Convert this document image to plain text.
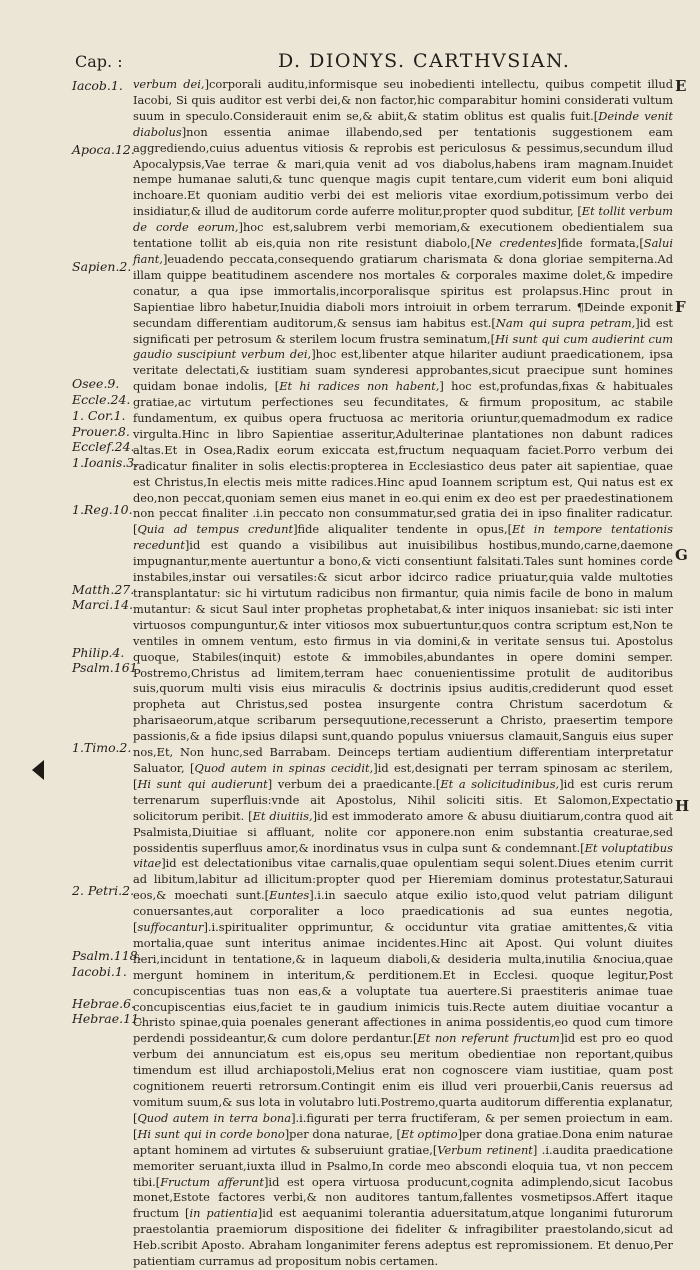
Cap. :	D. DIONYS. CARTHVSIAN.
E
F
G
H
Iacob.1.
Apoca.12.
Sapien.2.
Osee.9.
Eccle.24.
1. Cor.1.
Prouer.8.
Ecclef.24.
1.Ioanis.3.
1.Reg.10.
Matth.27.
Marci.14.
Philip.4.
Psalm.161.
1.Timo.2.
2. Petri.2.
Psalm.118.
Iacobi.1.
Hebrae.6.
Hebrae.11.

verbum dei,]corporali auditu,informisque seu inobedienti intellectu, quibus competit illud Iacobi, Si quis auditor est verbi dei,& non factor,hic comparabitur homini considerati vultum suum in speculo.Considerauit enim se,& abiit,& statim oblitus est qualis fuit.[Deinde venit diabolus]non essentia animae illabendo,sed per tentationis suggestionem eam aggrediendo,cuius aduentus vitiosis & reprobis est periculosus & pessimus,secundum illud Apocalypsis,Vae terrae & mari,quia venit ad vos diabolus,habens iram magnam.Inuidet nempe humanae saluti,& tunc quenque magis cupit tentare,cum viderit eum boni aliquid inchoare.Et quoniam auditio verbi dei est melioris vitae exordium,potissimum verbo dei insidiatur,& illud de auditorum corde auferre molitur,propter quod subditur, [Et tollit verbum de corde eorum,]hoc est,salubrem verbi memoriam,& executionem obedientialem sua tentatione tollit ab eis,quia non rite resistunt diabolo,[Ne credentes]fide formata,[Salui fiant,]euadendo peccata,consequendo gratiarum charismata & dona gloriae sempiterna.Ad illam quippe beatitudinem ascendere nos mortales & corporales maxime dolet,& impedire conatur, a qua ipse immortalis,incorporalisque spiritus est prolapsus.Hinc prout in Sapientiae libro habetur,Inuidia diaboli mors introiuit in orbem terrarum. ¶Deinde exponit secundam differentiam auditorum,& sensus iam habitus est.[Nam qui supra petram,]id est significati per petrosum & sterilem locum frustra seminatum,[Hi sunt qui cum audierint cum gaudio suscipiunt verbum dei,]hoc est,libenter atque hilariter audiunt praedicationem, ipsa veritate delectati,& iustitiam suam synderesi approbantes,sicut praecipue sunt homines quidam bonae indolis, [Et hi radices non habent,] hoc est,profundas,fixas & habituales gratiae,ac virtutum perfectiones seu fecunditates, & firmum propositum, ac stabile fundamentum, ex quibus opera fructuosa ac meritoria oriuntur,quemadmodum ex radice virgulta.Hinc in libro Sapientiae asseritur,Adulterinae plantationes non dabunt radices altas.Et in Osea,Radix eorum exiccata est,fructum nequaquam faciet.Porro verbum dei radicatur finaliter in solis electis:propterea in Ecclesiastico deus pater ait sapientiae, quae est Christus,In electis meis mitte radices.Hinc apud Ioannem scriptum est, Qui natus est ex deo,non peccat,quoniam semen eius manet in eo.qui enim ex deo est per praedestinationem non peccat finaliter .i.in peccato non consummatur,sed gratia dei in ipso finaliter radicatur. [Quia ad tempus credunt]fide aliqualiter tendente in opus,[Et in tempore tentationis recedunt]id est quando a visibilibus aut inuisibilibus hostibus,mundo,carne,daemone impugnantur,mente auertuntur a bono,& victi consentiunt falsitati.Tales sunt homines corde instabiles,instar oui versatiles:& sicut arbor idcirco radice priuatur,quia valde multoties transplantatur: sic hi virtutum radicibus non firmantur, quia nimis facile de bono in malum mutantur: & sicut Saul inter prophetas prophetabat,& inter iniquos insaniebat: sic isti inter virtuosos compunguntur,& inter vitiosos mox subuertuntur,quos contra scriptum est,Non te ventiles in omnem ventum, esto firmus in via domini,& in veritate sensus tui. Apostolus quoque, Stabiles(inquit) estote & immobiles,abundantes in opere domini semper. Postremo,Christus ad limitem,terram haec conuenientissime protulit de auditoribus suis,quorum multi visis eius miraculis & doctrinis ipsius auditis,crediderunt quod esset propheta aut Christus,sed postea insurgente contra Christum sacerdotum & pharisaeorum,atque scribarum persequutione,recesserunt a Christo, praesertim tempore passionis,& a fide ipsius dilapsi sunt,quando populus vniuersus clamauit,Sanguis eius super nos,Et, Non hunc,sed Barrabam. Deinceps tertiam audientium differentiam interpretatur Saluator, [Quod autem in spinas cecidit,]id est,designati per terram spinosam ac sterilem, [Hi sunt qui audierunt] verbum dei a praedicante.[Et a solicitudinibus,]id est curis rerum terrenarum superfluis:vnde ait Apostolus, Nihil soliciti sitis. Et Salomon,Expectatio solicitorum peribit. [Et diuitiis,]id est immoderato amore & abusu diuitiarum,contra quod ait Psalmista,Diuitiae si affluant, nolite cor apponere.non enim substantia creaturae,sed possidentis superfluus amor,& inordinatus vsus in culpa sunt & condemnant.[Et voluptatibus vitae]id est delectationibus vitae carnalis,quae opulentiam sequi solent.Diues etenim currit ad libitum,labitur ad illicitum:propter quod per Hieremiam dominus protestatur,Saturaui eos,& moechati sunt.[Euntes].i.in saeculo atque exilio isto,quod velut patriam diligunt conuersantes,aut corporaliter a loco praedicationis ad sua euntes negotia,[suffocantur].i.spiritualiter opprimuntur, & occiduntur vita gratiae amittentes,& vitia mortalia,quae sunt interitus animae incidentes.Hinc ait Apost. Qui volunt diuites fieri,incidunt in tentatione,& in laqueum diaboli,& desideria multa,inutilia &nociua,quae mergunt hominem in interitum,& perditionem.Et in Ecclesi. quoque legitur,Post concupiscentias tuas non eas,& a voluptate tua auertere.Si praestiteris animae tuae concupiscentias eius,faciet te in gaudium inimicis tuis.Recte autem diuitiae vocantur a Christo spinae,quia poenales generant affectiones in anima possidentis,eo quod cum timore perdendi possideantur,& cum dolore perdantur.[Et non referunt fructum]id est pro eo quod verbum dei annunciatum est eis,opus seu meritum obedientiae non reportant,quibus timendum est illud archiapostoli,Melius erat non cognoscere viam iustitiae, quam post cognitionem reuerti retrorsum.Contingit enim eis illud veri prouerbii,Canis reuersus ad vomitum suum,& sus lota in volutabro luti.Postremo,quarta auditorum differentia explanatur,[Quod autem in terra bona].i.figurati per terra fructiferam, & per semen proiectum in eam.[Hi sunt qui in corde bono]per dona naturae, [Et optimo]per dona gratiae.Dona enim naturae aptant hominem ad virtutes & subseruiunt gratiae,[Verbum retinent] .i.audita praedicatione memoriter seruant,iuxta illud in Psalmo,In corde meo abscondi eloquia tua, vt non peccem tibi.[Fructum afferunt]id est opera virtuosa producunt,cognita adimplendo,sicut Iacobus monet,Estote factores verbi,& non auditores tantum,fallentes vosmetipsos.Affert itaque fructum [in patientia]id est aequanimi tolerantia aduersitatum,atque longanimi futurorum praestolantia praemiorum dispositione dei fideliter & infragibiliter praestolando,sicut ad Heb.scribit Aposto. Abraham longanimiter ferens adeptus est repromissionem. Et denuo,Per patientiam curramus ad propositum nobis certamen.
